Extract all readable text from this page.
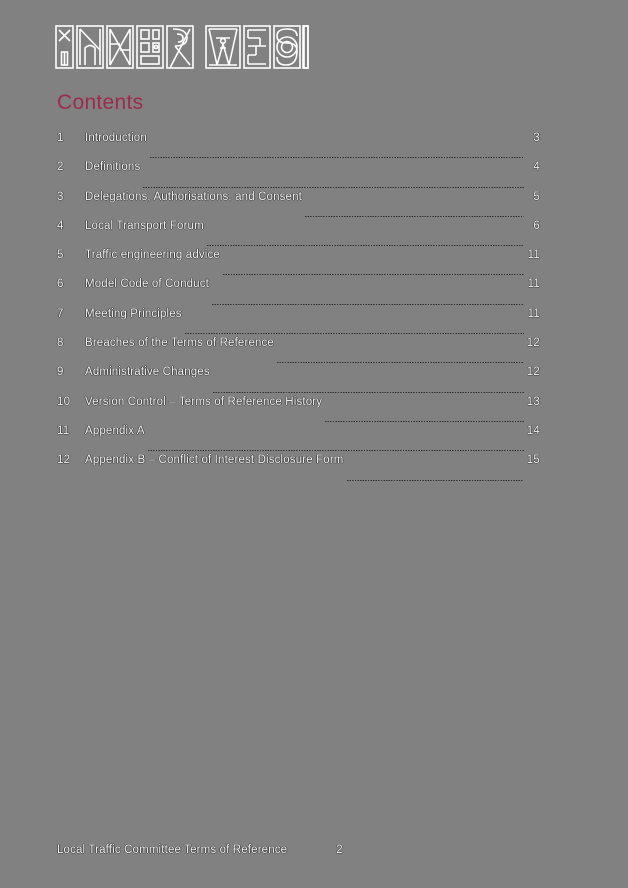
Contents
1	Introduction	3
2	Definitions	4
3	Delegations, Authorisations, and Consent	5
4	Local Transport Forum	6
5	Traffic engineering advice	11
6	Model Code of Conduct	11
7	Meeting Principles	11
8	Breaches of the Terms of Reference	12
9	Administrative Changes	12
10	Version Control – Terms of Reference History	13
11	Appendix A	14
12	Appendix B – Conflict of Interest Disclosure Form	15
Local Traffic Committee Terms of Reference	2
